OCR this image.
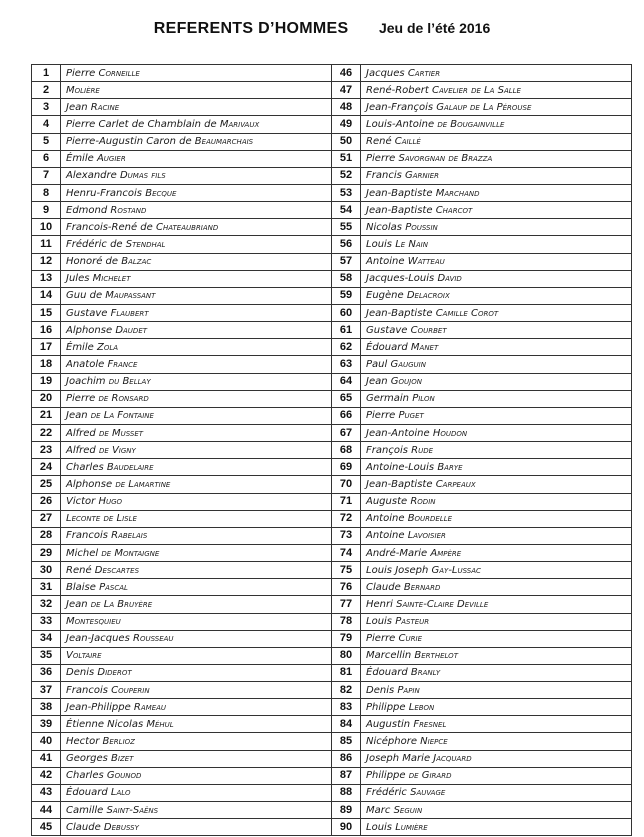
REFERENTS D’HOMMES Jeu de l’été 2016
1	Pierre Corneille	46	Jacques Cartier
2	Molière	47	René-Robert Cavelier de La Salle
3	Jean Racine	48	Jean-François Galaup de La Pérouse
4	Pierre Carlet de Chamblain de Marivaux	49	Louis-Antoine de Bougainville
5	Pierre-Augustin Caron de Beaumarchais	50	René Caillé
6	Émile Augier	51	Pierre Savorgnan de Brazza
7	Alexandre Dumas fils	52	Francis Garnier
8	Henru-Francois Becque	53	Jean-Baptiste Marchand
9	Edmond Rostand	54	Jean-Baptiste Charcot
10	Francois-René de Chateaubriand	55	Nicolas Poussin
11	Frédéric de Stendhal	56	Louis Le Nain
12	Honoré de Balzac	57	Antoine Watteau
13	Jules Michelet	58	Jacques-Louis David
14	Guu de Maupassant	59	Eugène Delacroix
15	Gustave Flaubert	60	Jean-Baptiste Camille Corot
16	Alphonse Daudet	61	Gustave Courbet
17	Émile Zola	62	Édouard Manet
18	Anatole France	63	Paul Gauguin
19	Joachim du Bellay	64	Jean Goujon
20	Pierre de Ronsard	65	Germain Pilon
21	Jean de La Fontaine	66	Pierre Puget
22	Alfred de Musset	67	Jean-Antoine Houdon
23	Alfred de Vigny	68	François Rude
24	Charles Baudelaire	69	Antoine-Louis Barye
25	Alphonse de Lamartine	70	Jean-Baptiste Carpeaux
26	Victor Hugo	71	Auguste Rodin
27	Leconte de Lisle	72	Antoine Bourdelle
28	Francois Rabelais	73	Antoine Lavoisier
29	Michel de Montaigne	74	André-Marie Ampère
30	René Descartes	75	Louis Joseph Gay-Lussac
31	Blaise Pascal	76	Claude Bernard
32	Jean de La Bruyère	77	Henri Sainte-Claire Deville
33	Montesquieu	78	Louis Pasteur
34	Jean-Jacques Rousseau	79	Pierre Curie
35	Voltaire	80	Marcellin Berthelot
36	Denis Diderot	81	Édouard Branly
37	Francois Couperin	82	Denis Papin
38	Jean-Philippe Rameau	83	Philippe Lebon
39	Étienne Nicolas Méhul	84	Augustin Fresnel
40	Hector Berlioz	85	Nicéphore Niepce
41	Georges Bizet	86	Joseph Marie Jacquard
42	Charles Gounod	87	Philippe de Girard
43	Édouard Lalo	88	Frédéric Sauvage
44	Camille Saint-Saëns	89	Marc Seguin
45	Claude Debussy	90	Louis Lumière
